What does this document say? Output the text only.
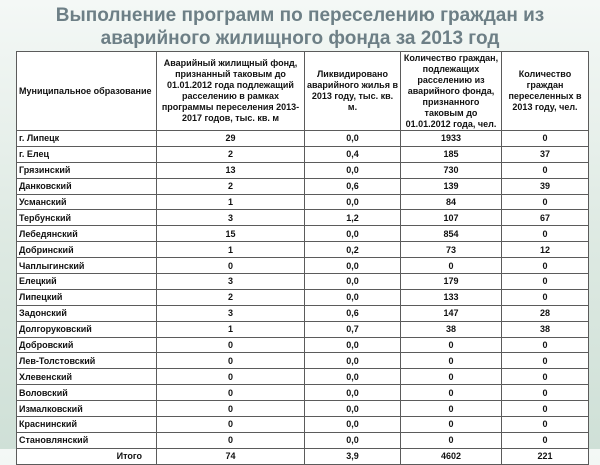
Выполнение программ по переселению граждан из аварийного жилищного фонда за 2013 год
Муниципальное образование	Аварийный жилищный фонд, признанный таковым до 01.01.2012 года подлежащий расселению в рамках программы переселения 2013-2017 годов, тыс. кв. м	Ликвидировано аварийного жилья в 2013 году, тыс. кв. м.	Количество граждан, подлежащих расселению из аварийного фонда, признанного таковым до 01.01.2012 года, чел.	Количество граждан переселенных в 2013 году, чел.
г. Липецк	29	0,0	1933	0
г. Елец	2	0,4	185	37
Грязинский	13	0,0	730	0
Данковский	2	0,6	139	39
Усманский	1	0,0	84	0
Тербунский	3	1,2	107	67
Лебедянский	15	0,0	854	0
Добринский	1	0,2	73	12
Чаплыгинский	0	0,0	0	0
Елецкий	3	0,0	179	0
Липецкий	2	0,0	133	0
Задонский	3	0,6	147	28
Долгоруковский	1	0,7	38	38
Добровский	0	0,0	0	0
Лев-Толстовский	0	0,0	0	0
Хлевенский	0	0,0	0	0
Воловский	0	0,0	0	0
Измалковский	0	0,0	0	0
Краснинский	0	0,0	0	0
Становлянский	0	0,0	0	0
Итого	74	3,9	4602	221
